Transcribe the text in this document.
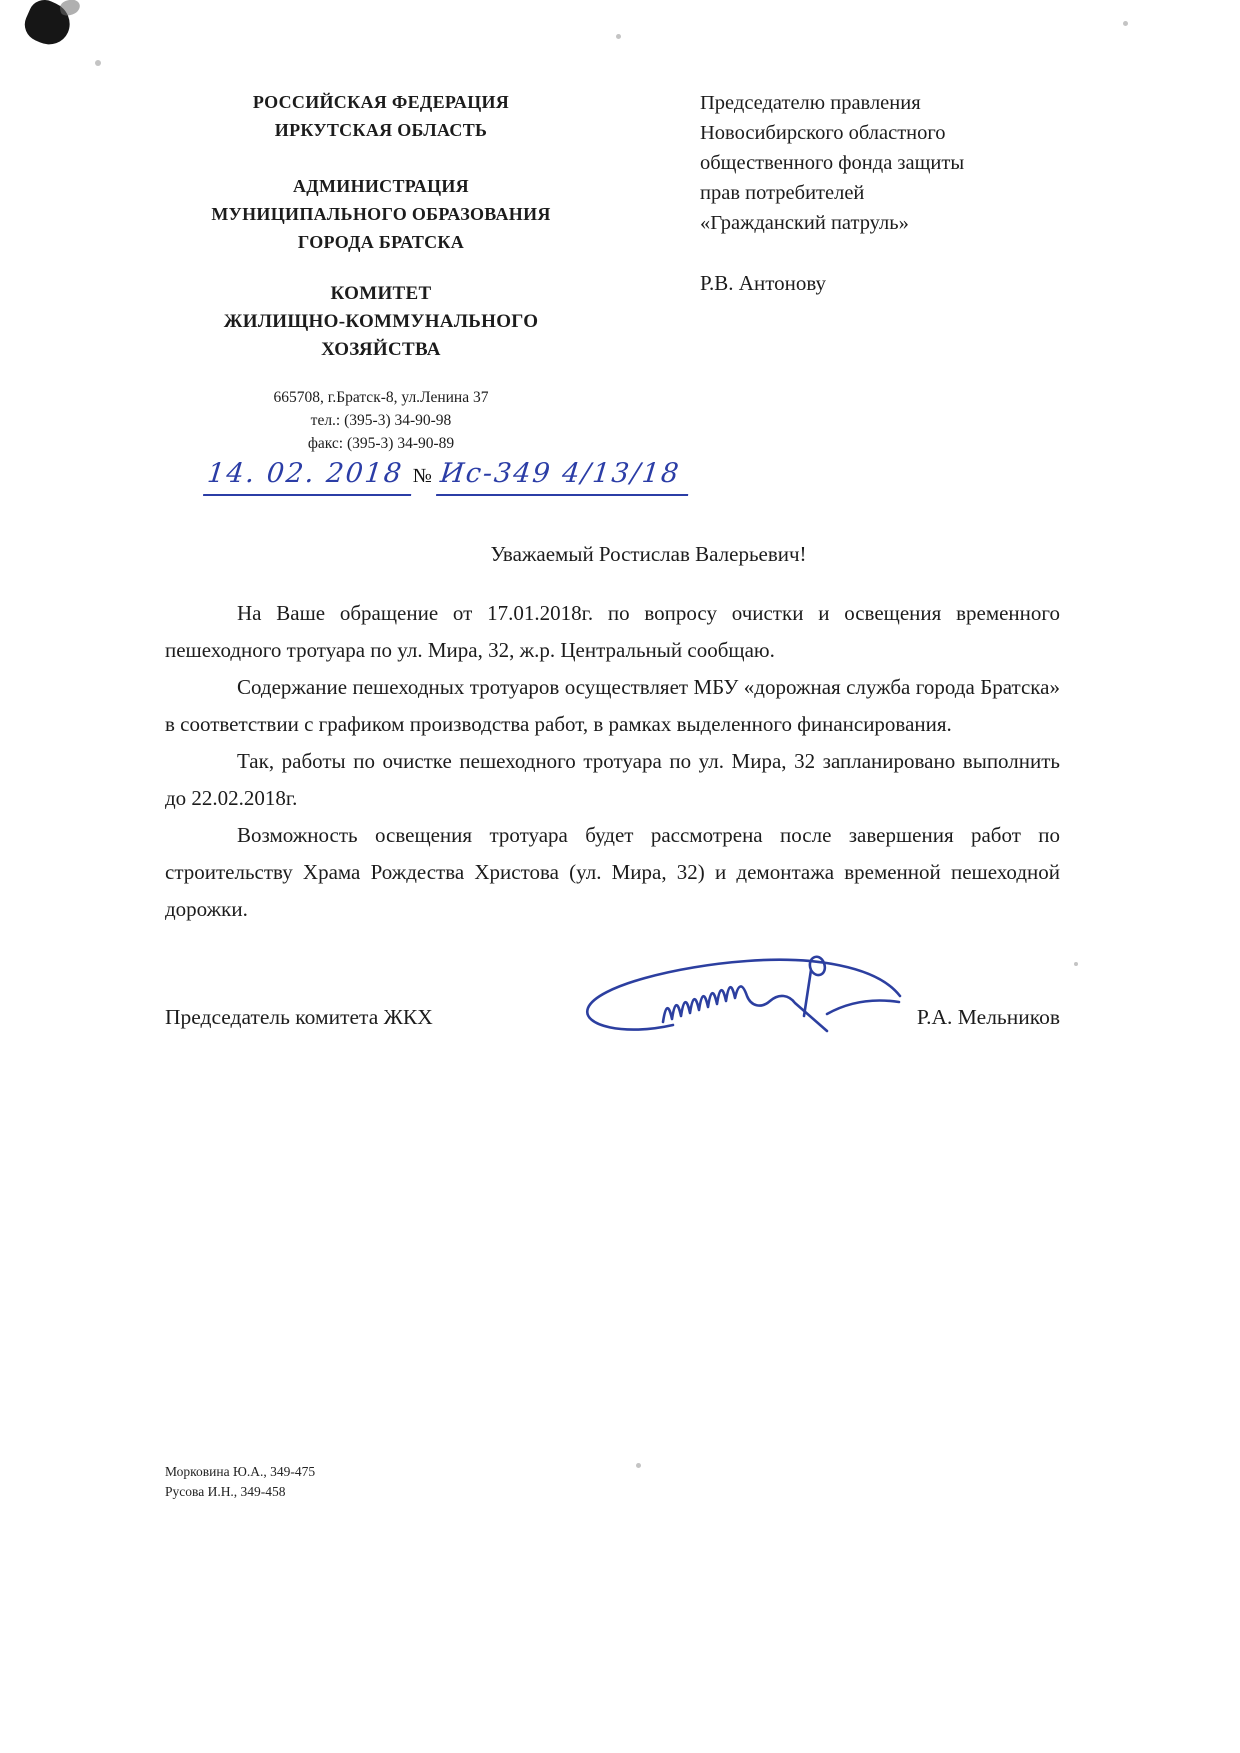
РОССИЙСКАЯ ФЕДЕРАЦИЯ
ИРКУТСКАЯ ОБЛАСТЬ
АДМИНИСТРАЦИЯ
МУНИЦИПАЛЬНОГО ОБРАЗОВАНИЯ
ГОРОДА БРАТСКА
КОМИТЕТ
ЖИЛИЩНО-КОММУНАЛЬНОГО
ХОЗЯЙСТВА
665708, г.Братск-8, ул.Ленина 37
тел.: (395-3) 34-90-98
факс: (395-3) 34-90-89
Председателю правления
Новосибирского областного
общественного фонда защиты
прав потребителей
«Гражданский патруль»
Р.В. Антонову
14. 02. 2018 № Ис-349 4/13/18

Уважаемый Ростислав Валерьевич!

На Ваше обращение от 17.01.2018г. по вопросу очистки и освещения временного пешеходного тротуара по ул. Мира, 32, ж.р. Центральный сообщаю.

Содержание пешеходных тротуаров осуществляет МБУ «дорожная служба города Братска» в соответствии с графиком производства работ, в рамках выделенного финансирования.

Так, работы по очистке пешеходного тротуара по ул. Мира, 32 запланировано выполнить до 22.02.2018г.

Возможность освещения тротуара будет рассмотрена после завершения работ по строительству Храма Рождества Христова (ул. Мира, 32) и демонтажа временной пешеходной дорожки.

Председатель комитета ЖКХ	Р.А. Мельников
Морковина Ю.А., 349-475
Русова И.Н., 349-458
